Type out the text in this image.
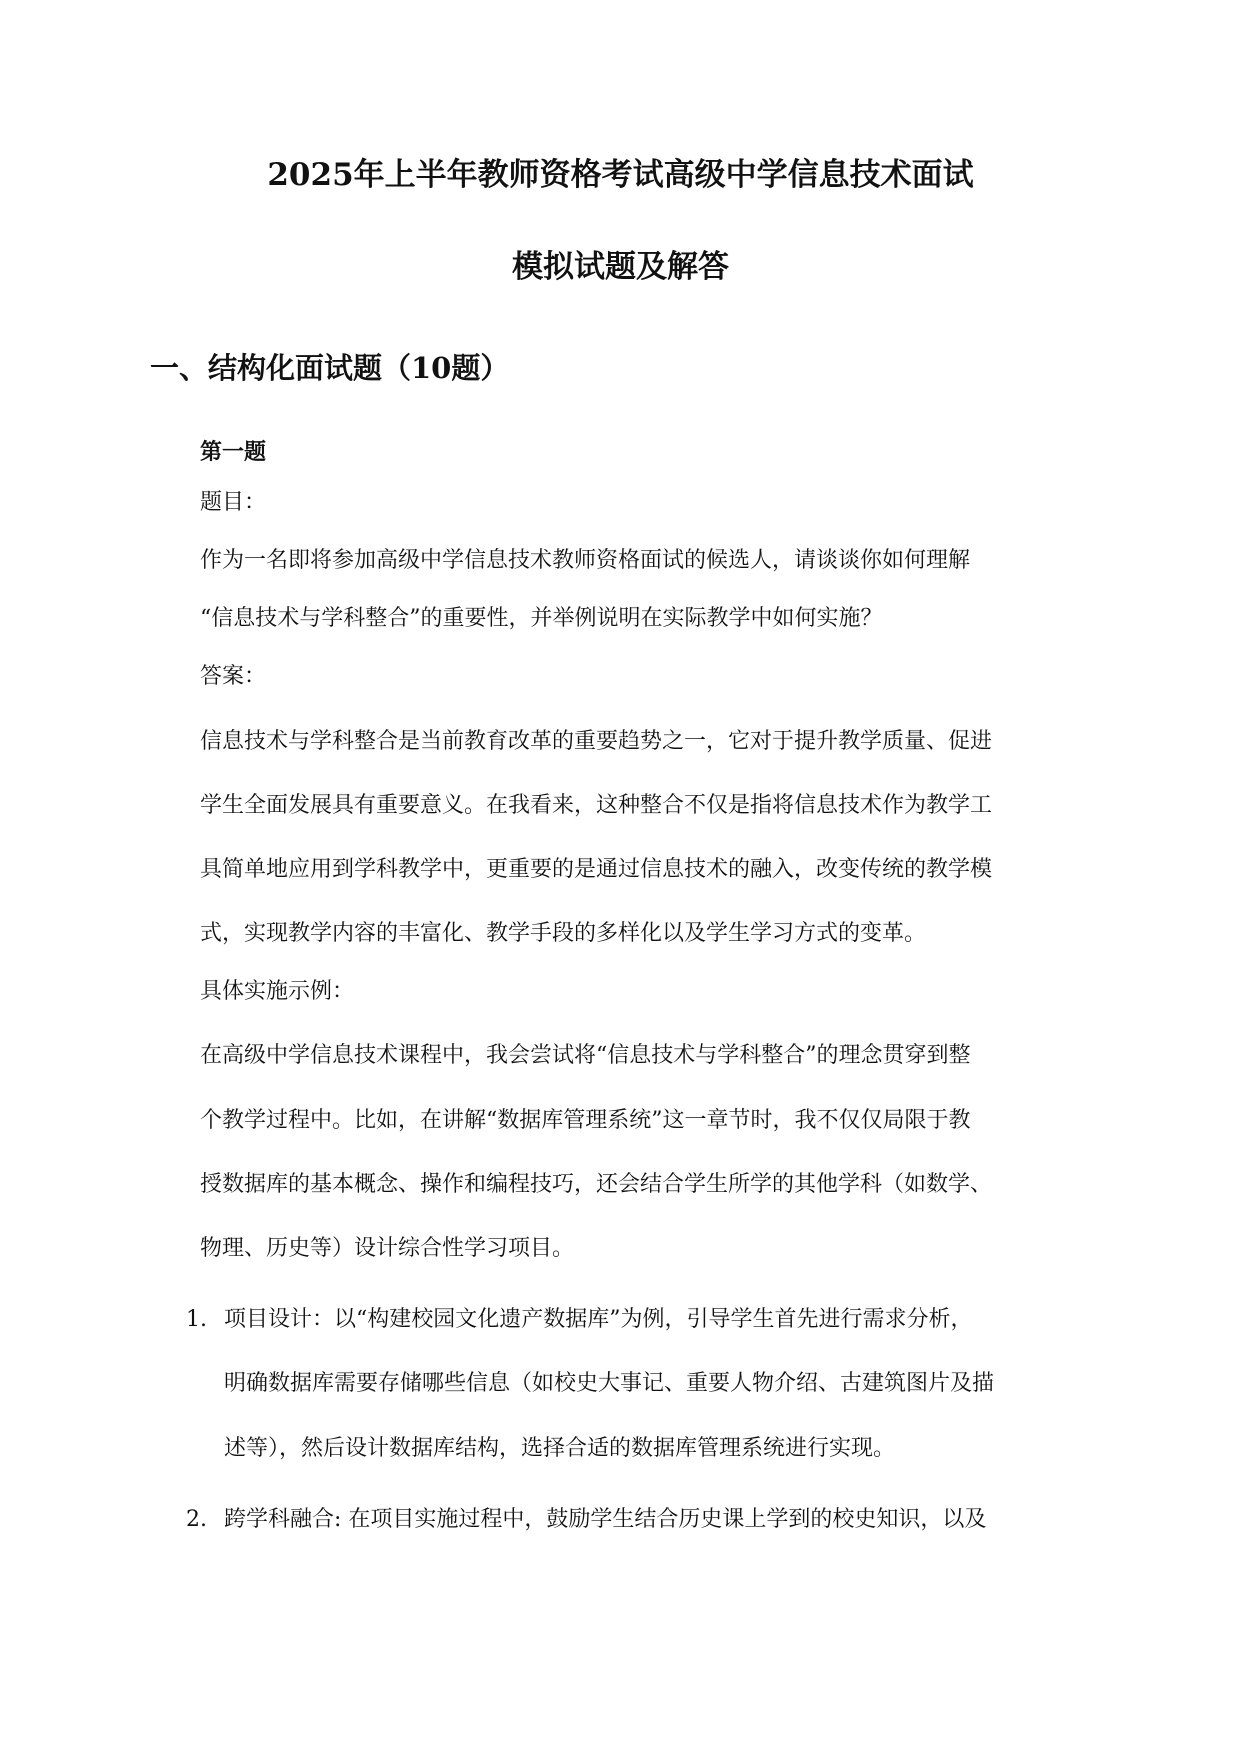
2025年上半年教师资格考试高级中学信息技术面试
模拟试题及解答
一、结构化面试题（10题）
第一题
题目：
作为一名即将参加高级中学信息技术教师资格面试的候选人，请谈谈你如何理解
“信息技术与学科整合”的重要性，并举例说明在实际教学中如何实施？
答案：
信息技术与学科整合是当前教育改革的重要趋势之一，它对于提升教学质量、促进
学生全面发展具有重要意义。在我看来，这种整合不仅是指将信息技术作为教学工
具简单地应用到学科教学中，更重要的是通过信息技术的融入，改变传统的教学模
式，实现教学内容的丰富化、教学手段的多样化以及学生学习方式的变革。
具体实施示例：
在高级中学信息技术课程中，我会尝试将“信息技术与学科整合”的理念贯穿到整
个教学过程中。比如，在讲解“数据库管理系统”这一章节时，我不仅仅局限于教
授数据库的基本概念、操作和编程技巧，还会结合学生所学的其他学科（如数学、
物理、历史等）设计综合性学习项目。
1. 项目设计：以“构建校园文化遗产数据库”为例，引导学生首先进行需求分析，
明确数据库需要存储哪些信息（如校史大事记、重要人物介绍、古建筑图片及描
述等），然后设计数据库结构，选择合适的数据库管理系统进行实现。
2. 跨学科融合: 在项目实施过程中，鼓励学生结合历史课上学到的校史知识，以及
